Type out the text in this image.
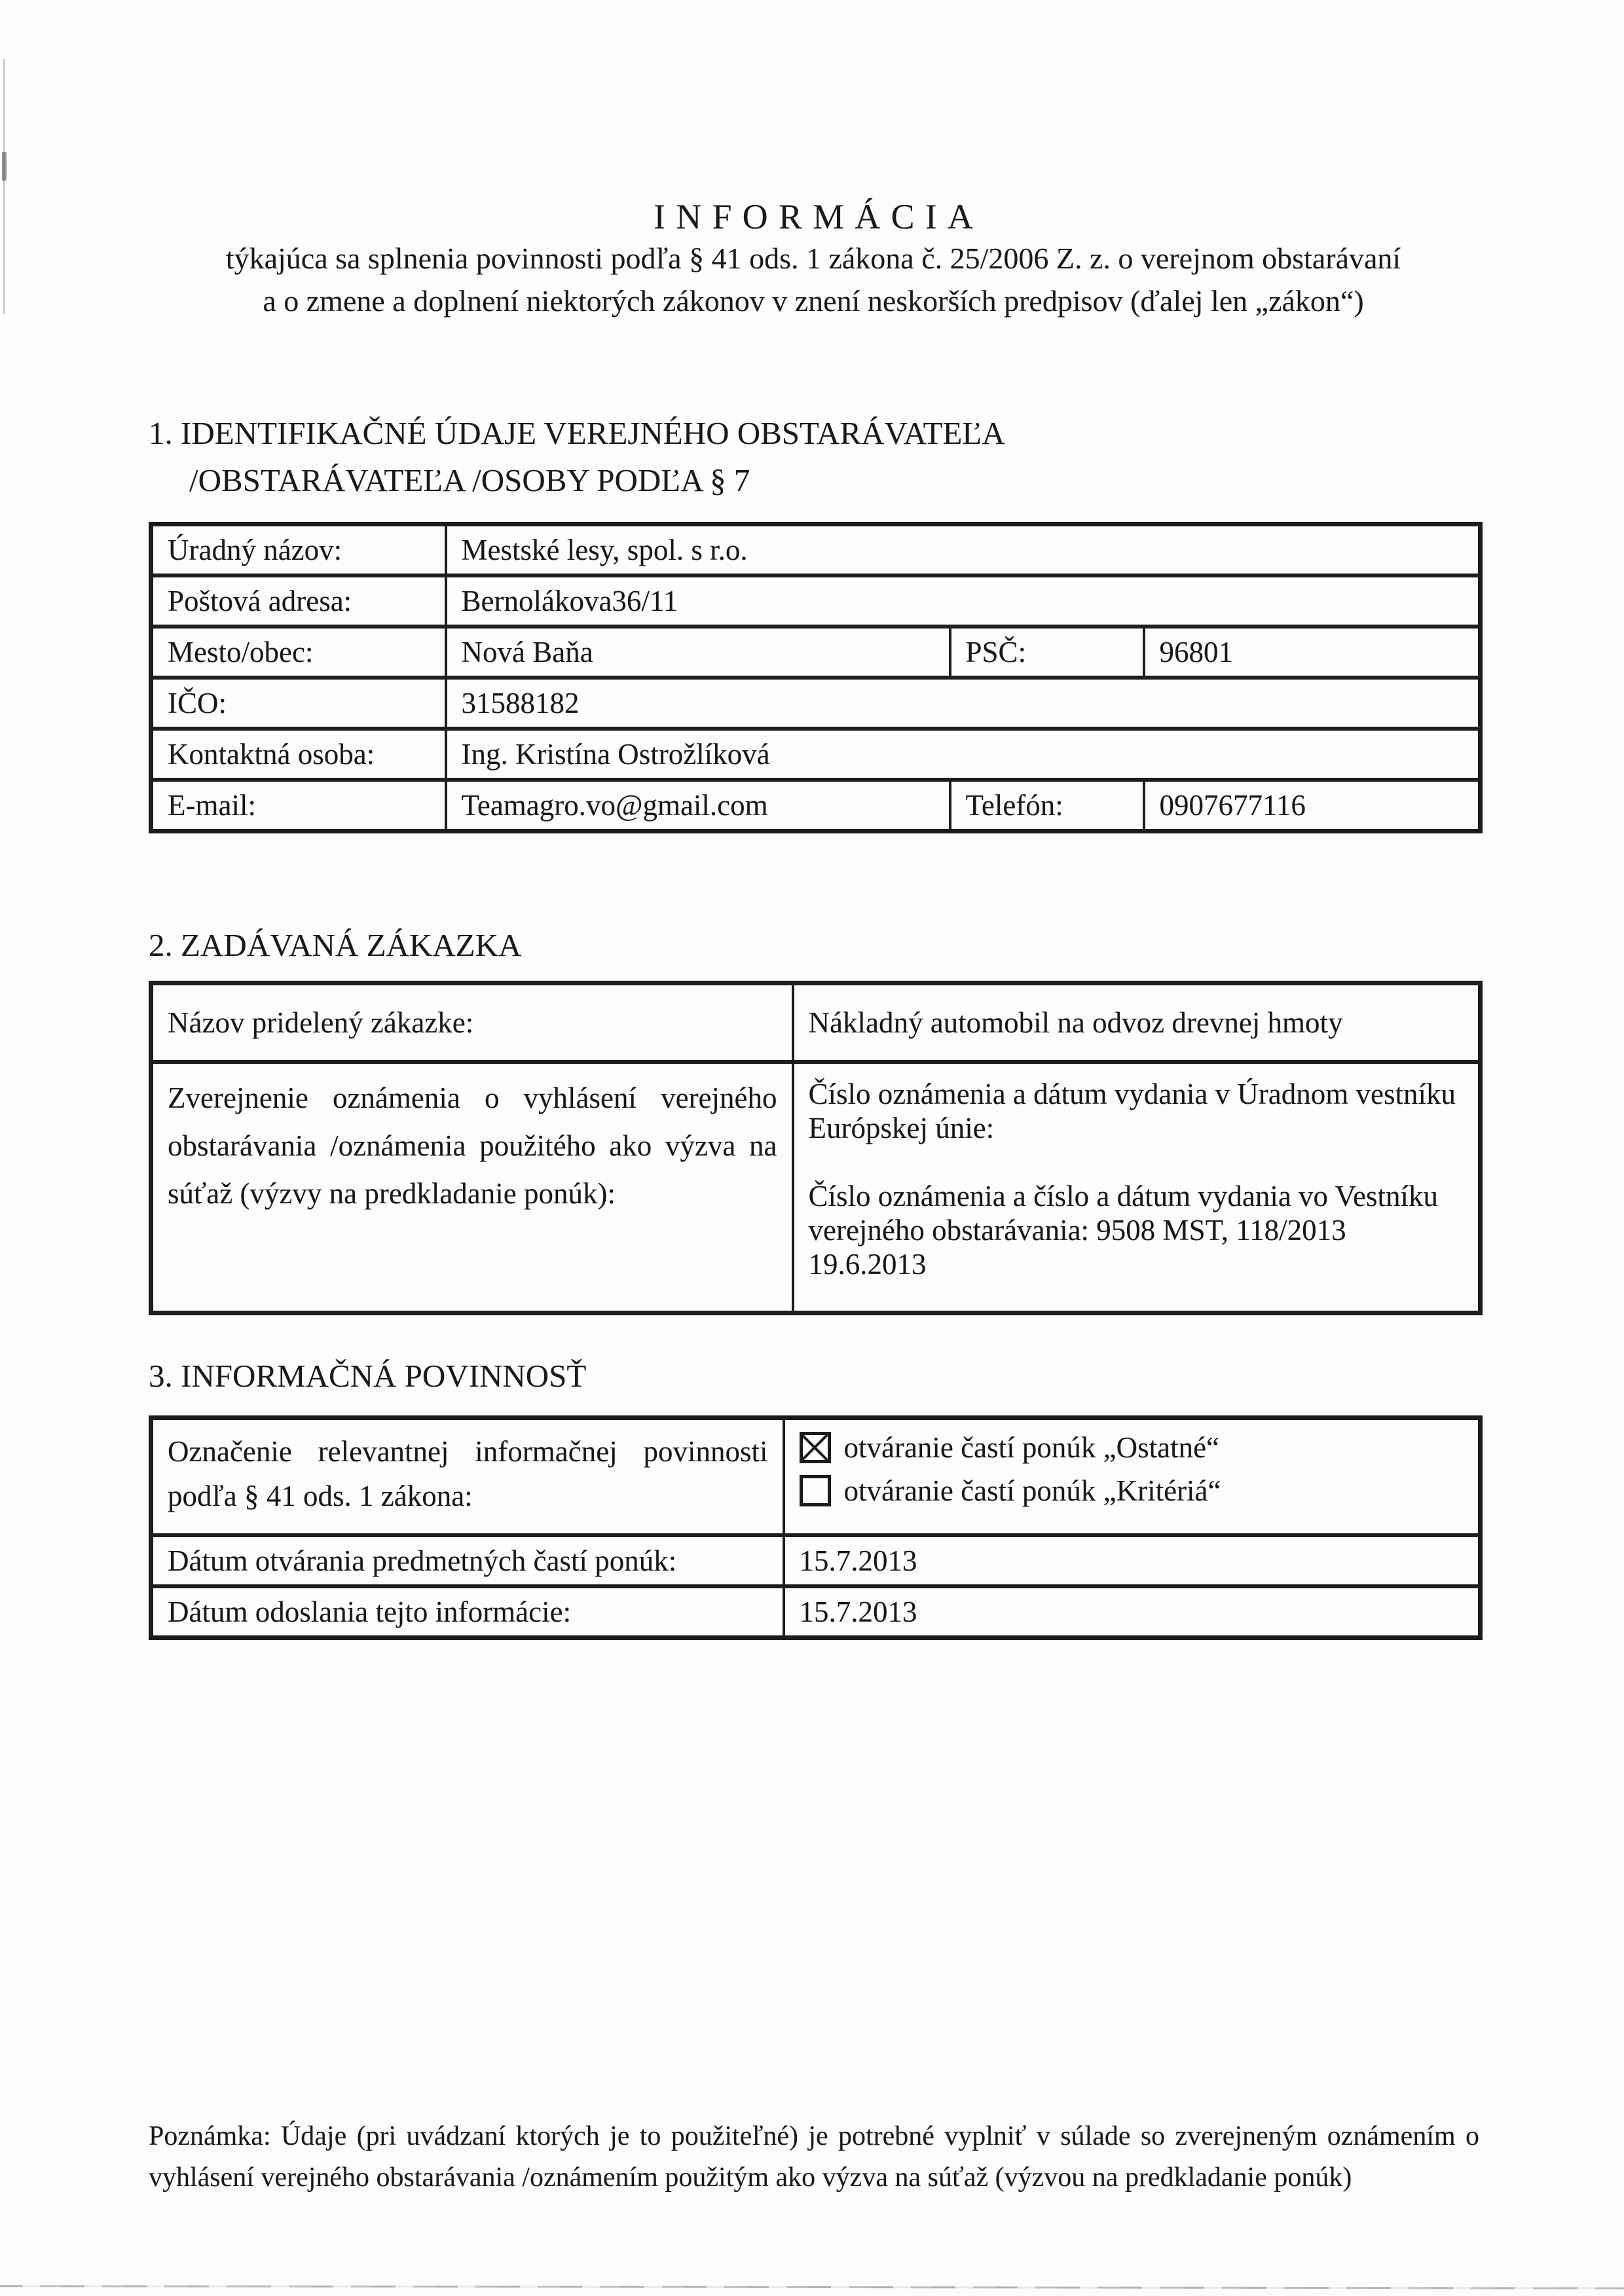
INFORMÁCIA
týkajúca sa splnenia povinnosti podľa § 41 ods. 1 zákona č. 25/2006 Z. z. o verejnom obstarávaní
a o zmene a doplnení niektorých zákonov v znení neskorších predpisov (ďalej len „zákon“)
1. IDENTIFIKAČNÉ ÚDAJE VEREJNÉHO OBSTARÁVATEĽA
/OBSTARÁVATEĽA /OSOBY PODĽA § 7
Úradný názov:	Mestské lesy, spol. s r.o.		
Poštová adresa:	Bernolákova36/11		
Mesto/obec:	Nová Baňa	PSČ:	96801
IČO:	31588182		
Kontaktná osoba:	Ing. Kristína Ostrožlíková		
E-mail:	Teamagro.vo@gmail.com	Telefón:	0907677116
2. ZADÁVANÁ ZÁKAZKA
Názov pridelený zákazke:	Nákladný automobil na odvoz drevnej hmoty
Zverejnenie oznámenia o vyhlásení verejného obstarávania /oznámenia použitého ako výzva na súťaž (výzvy na predkladanie ponúk):	Číslo oznámenia a dátum vydania v Úradnom vestníku Európskej únie:
Číslo oznámenia a číslo a dátum vydania vo Vestníku verejného obstarávania: 9508 MST, 118/2013
19.6.2013
3. INFORMAČNÁ POVINNOSŤ
Označenie relevantnej informačnej povinnosti podľa § 41 ods. 1 zákona:	otváranie častí ponúk „Ostatné“
otváranie častí ponúk „Kritériá“

Dátum otvárania predmetných častí ponúk:	15.7.2013
Dátum odoslania tejto informácie:	15.7.2013

Poznámka: Údaje (pri uvádzaní ktorých je to použiteľné) je potrebné vyplniť v súlade so zverejneným oznámením o vyhlásení verejného obstarávania /oznámením použitým ako výzva na súťaž (výzvou na predkladanie ponúk)
